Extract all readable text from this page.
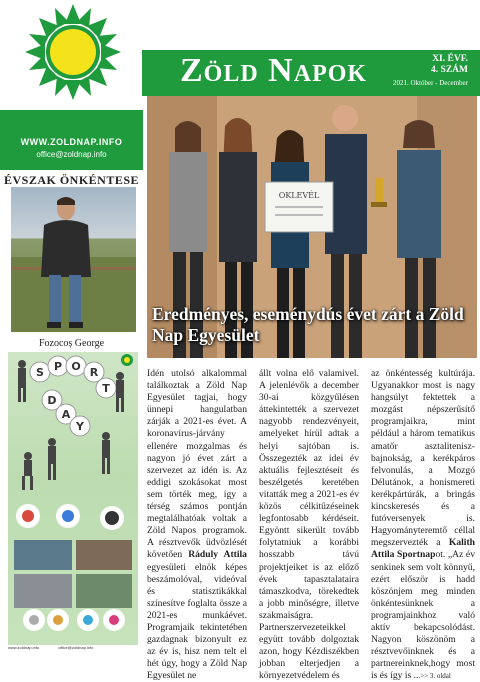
Zöld Napok	XI. ÉVF.
4. SZÁM
2021. Október - December
WWW.ZOLDNAP.INFO
office@zoldnap.info
ÉVSZAK ÖNKÉNTESE
Fozocoș George
S P O R
T
D
A
Y
www.zoldnap.info	office@zoldnap.info
OKLEVÉL
Eredményes, eseménydús évet zárt a Zöld Nap Egyesület

Idén utolsó alkalommal találkoztak a Zöld Nap Egyesület tagjai, hogy ünnepi hangulatban zárják a 2021-es évet. A koronavírus-járvány ellenére mozgalmas és nagyon jó évet zárt a szervezet az idén is. Az eddigi szokásokat most sem törték meg, így a térség számos pontján megtalálhatóak voltak a Zöld Napos programok. A résztvevők üdvözlését követően Ráduly Attila egyesületi elnök képes beszámolóval, videóval és statisztikákkal színesítve foglalta össze a 2021-es munkáévet. Programjaik tekintetében gazdagnak bizonyult ez az év is, hisz nem telt el hét úgy, hogy a Zöld Nap Egyesület ne

állt volna elő valamivel. A jelenlévők a december 30-ai közgyűlésen áttekintették a szervezet nagyobb rendezvényeit, amelyeket hírül adtak a helyi sajtóban is. Összegezték az idei év aktuális fejlesztéseit és beszélgetés keretében vitatták meg a 2021-es év közös célkitűzéseinek legfontosabb kérdéseit. Egyöntt sikerült tovább folytatniuk a korábbi hosszabb távú projektjeiket is az előző évek tapasztalataira támaszkodva, törekedtek a jobb minőségre, illetve szakmaiságra. Partnerszervezeteikkel együtt tovább dolgoztak azon, hogy Kézdiszékben jobban elterjedjen a környezetvédelem és

az önkéntesség kultúrája. Ugyanakkor most is nagy hangsúlyt fektettek a mozgást népszerűsítő programjaikra, mint például a három tematikus amatőr asztalitenisz-bajnokság, a kerékpáros felvonulás, a Mozgó Délutánok, a honismereti kerékpártúrák, a bringás kincskeresés és a futóversenyek is. Hagyományteremtő céllal megszervezték a Kalith Attila Sportnapot. „Az év senkinek sem volt könnyű, ezért először is hadd köszönjem meg minden önkéntesünknek a programjainkhoz való aktív bekapcsolódást. Nagyon köszönöm a résztvevőinknek és a partnereinknek,hogy most is és így is ...>> 3. oldal
